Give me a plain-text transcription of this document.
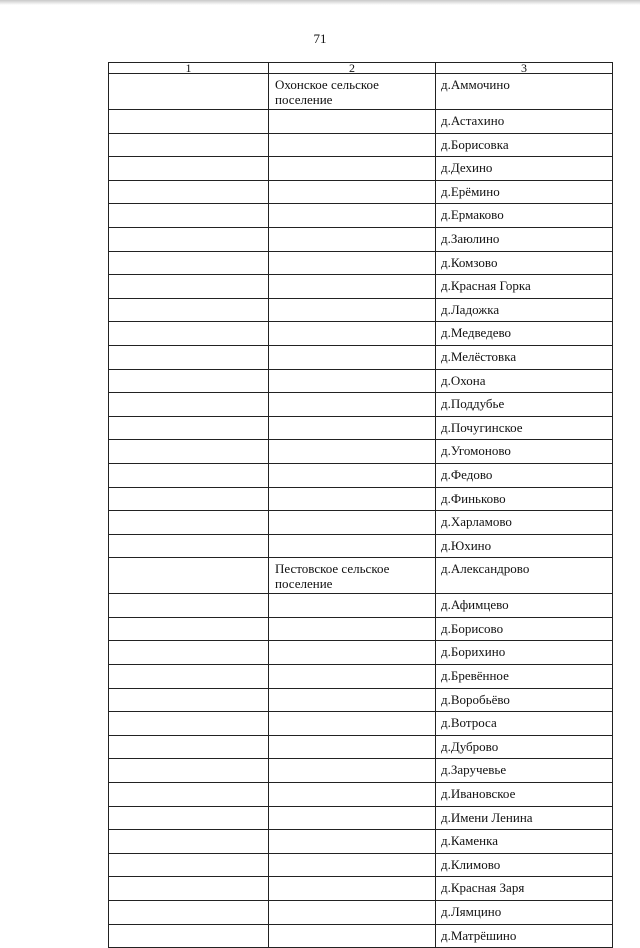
71
1	2	3
	Охонское сельское поселение	д.Аммочино
		д.Астахино
		д.Борисовка
		д.Дехино
		д.Ерёмино
		д.Ермаково
		д.Заюлино
		д.Комзово
		д.Красная Горка
		д.Ладожка
		д.Медведево
		д.Мелёстовка
		д.Охона
		д.Поддубье
		д.Почугинское
		д.Угомоново
		д.Федово
		д.Финьково
		д.Харламово
		д.Юхино
	Пестовское сельское поселение	д.Александрово
		д.Афимцево
		д.Борисово
		д.Борихино
		д.Бревённое
		д.Воробьёво
		д.Вотроса
		д.Дуброво
		д.Заручевье
		д.Ивановское
		д.Имени Ленина
		д.Каменка
		д.Климово
		д.Красная Заря
		д.Лямцино
		д.Матрёшино
